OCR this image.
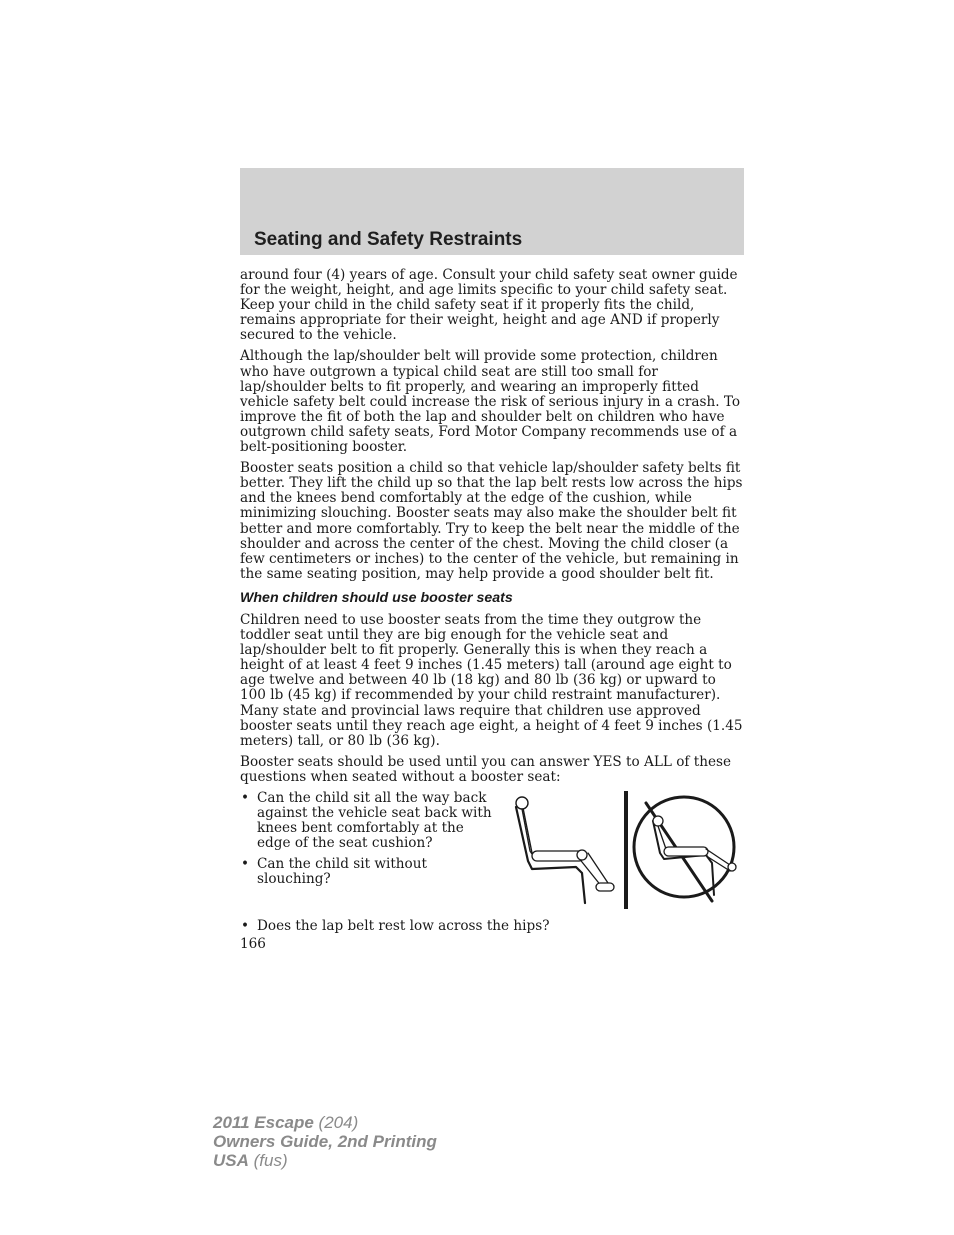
Seating and Safety Restraints

around four (4) years of age. Consult your child safety seat owner guide for the weight, height, and age limits specific to your child safety seat. Keep your child in the child safety seat if it properly fits the child, remains appropriate for their weight, height and age AND if properly secured to the vehicle.

Although the lap/shoulder belt will provide some protection, children who have outgrown a typical child seat are still too small for lap/shoulder belts to fit properly, and wearing an improperly fitted vehicle safety belt could increase the risk of serious injury in a crash. To improve the fit of both the lap and shoulder belt on children who have outgrown child safety seats, Ford Motor Company recommends use of a belt-positioning booster.

Booster seats position a child so that vehicle lap/shoulder safety belts fit better. They lift the child up so that the lap belt rests low across the hips and the knees bend comfortably at the edge of the cushion, while minimizing slouching. Booster seats may also make the shoulder belt fit better and more comfortably. Try to keep the belt near the middle of the shoulder and across the center of the chest. Moving the child closer (a few centimeters or inches) to the center of the vehicle, but remaining in the same seating position, may help provide a good shoulder belt fit.

When children should use booster seats

Children need to use booster seats from the time they outgrow the toddler seat until they are big enough for the vehicle seat and lap/shoulder belt to fit properly. Generally this is when they reach a height of at least 4 feet 9 inches (1.45 meters) tall (around age eight to age twelve and between 40 lb (18 kg) and 80 lb (36 kg) or upward to 100 lb (45 kg) if recommended by your child restraint manufacturer). Many state and provincial laws require that children use approved booster seats until they reach age eight, a height of 4 feet 9 inches (1.45 meters) tall, or 80 lb (36 kg).

Booster seats should be used until you can answer YES to ALL of these questions when seated without a booster seat:

• Can the child sit all the way back against the vehicle seat back with knees bent comfortably at the edge of the seat cushion?
• Can the child sit without slouching?
• Does the lap belt rest low across the hips?
166
2011 Escape (204)
Owners Guide, 2nd Printing
USA (fus)
